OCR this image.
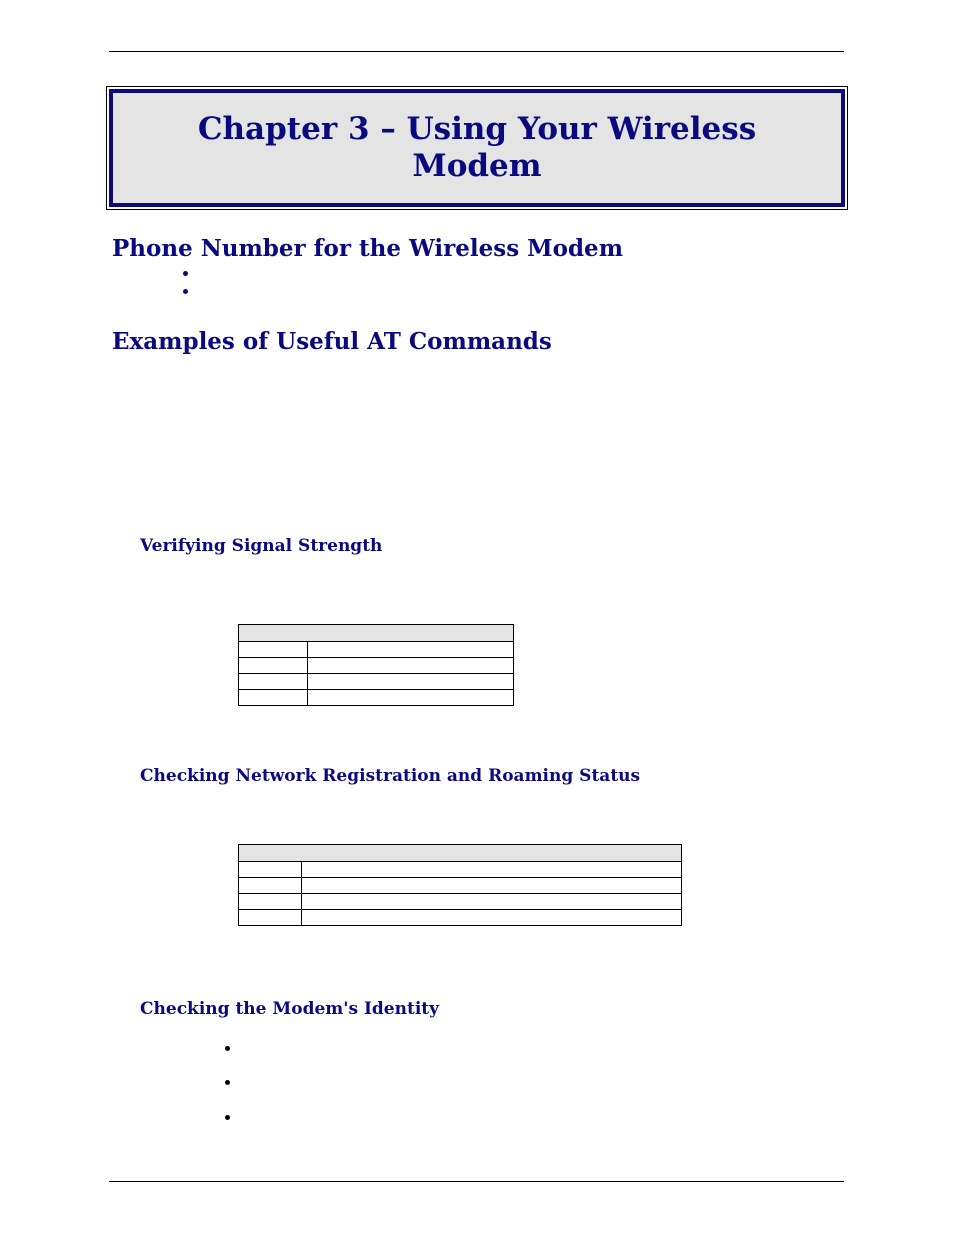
Chapter 3 – Using Your Wireless Modem
Phone Number for the Wireless Modem
Examples of Useful AT Commands
Verifying Signal Strength

Checking Network Registration and Roaming Status

Checking the Modem's Identity
